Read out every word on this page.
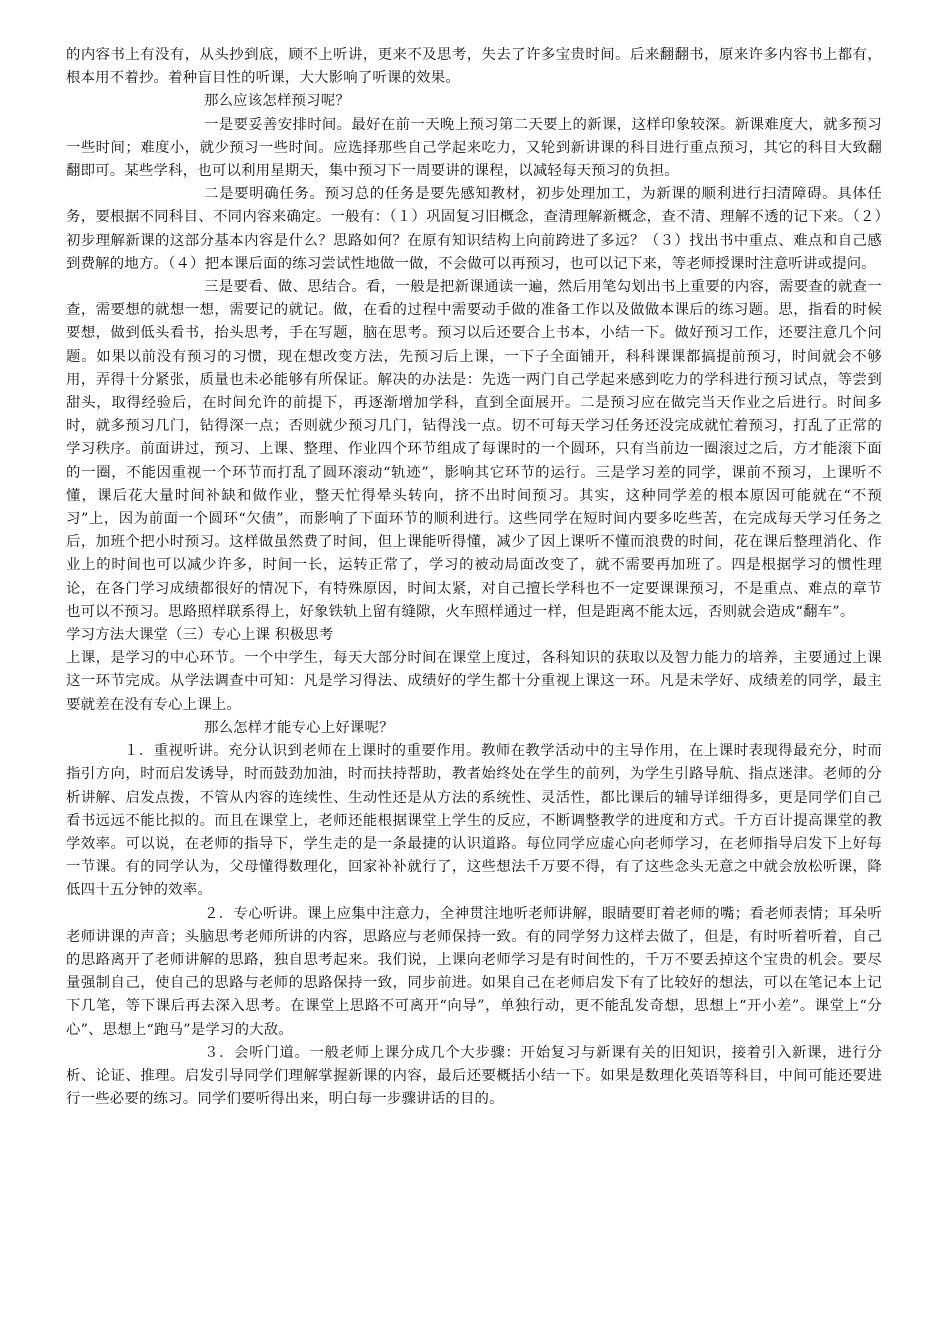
的内容书上有没有，从头抄到底，顾不上听讲，更来不及思考，失去了许多宝贵时间。后来翻翻书，原来许多内容书上都有，根本用不着抄。着种盲目性的听课，大大影响了听课的效果。

那么应该怎样预习呢？

一是要妥善安排时间。最好在前一天晚上预习第二天要上的新课，这样印象较深。新课难度大，就多预习一些时间；难度小，就少预习一些时间。应选择那些自己学起来吃力，又轮到新讲课的科目进行重点预习，其它的科目大致翻翻即可。某些学科，也可以利用星期天，集中预习下一周要讲的课程，以减轻每天预习的负担。

二是要明确任务。预习总的任务是要先感知教材，初步处理加工，为新课的顺利进行扫清障碍。具体任务，要根据不同科目、不同内容来确定。一般有：（１）巩固复习旧概念，查清理解新概念，查不清、理解不透的记下来。（２）初步理解新课的这部分基本内容是什么？思路如何？在原有知识结构上向前跨进了多远？（３）找出书中重点、难点和自己感到费解的地方。（４）把本课后面的练习尝试性地做一做，不会做可以再预习，也可以记下来，等老师授课时注意听讲或提问。

三是要看、做、思结合。看，一般是把新课通读一遍，然后用笔勾划出书上重要的内容，需要查的就查一查，需要想的就想一想，需要记的就记。做，在看的过程中需要动手做的准备工作以及做做本课后的练习题。思，指看的时候要想，做到低头看书，抬头思考，手在写题，脑在思考。预习以后还要合上书本，小结一下。做好预习工作，还要注意几个问题。如果以前没有预习的习惯，现在想改变方法，先预习后上课，一下子全面铺开，科科课课都搞提前预习，时间就会不够用，弄得十分紧张，质量也未必能够有所保证。解决的办法是：先选一两门自己学起来感到吃力的学科进行预习试点，等尝到甜头，取得经验后，在时间允许的前提下，再逐渐增加学科，直到全面展开。二是预习应在做完当天作业之后进行。时间多时，就多预习几门，钻得深一点；否则就少预习几门，钻得浅一点。切不可每天学习任务还没完成就忙着预习，打乱了正常的学习秩序。前面讲过，预习、上课、整理、作业四个环节组成了每课时的一个圆环，只有当前边一圈滚过之后，方才能滚下面的一圈，不能因重视一个环节而打乱了圆环滚动“轨迹”，影响其它环节的运行。三是学习差的同学，课前不预习，上课听不懂，课后花大量时间补缺和做作业，整天忙得晕头转向，挤不出时间预习。其实，这种同学差的根本原因可能就在“不预习”上，因为前面一个圆环“欠债”，而影响了下面环节的顺利进行。这些同学在短时间内要多吃些苦，在完成每天学习任务之后，加班个把小时预习。这样做虽然费了时间，但上课能听得懂，减少了因上课听不懂而浪费的时间，花在课后整理消化、作业上的时间也可以减少许多，时间一长，运转正常了，学习的被动局面改变了，就不需要再加班了。四是根据学习的惯性理论，在各门学习成绩都很好的情况下，有特殊原因，时间太紧，对自己擅长学科也不一定要课课预习，不是重点、难点的章节也可以不预习。思路照样联系得上，好象铁轨上留有缝隙，火车照样通过一样，但是距离不能太远，否则就会造成“翻车”。

学习方法大课堂（三）专心上课 积极思考

上课，是学习的中心环节。一个中学生，每天大部分时间在课堂上度过，各科知识的获取以及智力能力的培养，主要通过上课这一环节完成。从学法调查中可知：凡是学习得法、成绩好的学生都十分重视上课这一环。凡是未学好、成绩差的同学，最主要就差在没有专心上课上。

那么怎样才能专心上好课呢？

１．重视听讲。充分认识到老师在上课时的重要作用。教师在教学活动中的主导作用，在上课时表现得最充分，时而指引方向，时而启发诱导，时而鼓劲加油，时而扶持帮助，教者始终处在学生的前列，为学生引路导航、指点迷津。老师的分析讲解、启发点拨，不管从内容的连续性、生动性还是从方法的系统性、灵活性，都比课后的辅导详细得多，更是同学们自己看书远远不能比拟的。而且在课堂上，老师还能根据课堂上学生的反应，不断调整教学的进度和方式。千方百计提高课堂的教学效率。可以说，在老师的指导下，学生走的是一条最捷的认识道路。每位同学应虚心向老师学习，在老师指导启发下上好每一节课。有的同学认为，父母懂得数理化，回家补补就行了，这些想法千万要不得，有了这些念头无意之中就会放松听课，降低四十五分钟的效率。

２．专心听讲。课上应集中注意力，全神贯注地听老师讲解，眼睛要盯着老师的嘴；看老师表情；耳朵听老师讲课的声音；头脑思考老师所讲的内容，思路应与老师保持一致。有的同学努力这样去做了，但是，有时听着听着，自己的思路离开了老师讲解的思路，独自思考起来。我们说，上课向老师学习是有时间性的，千万不要丢掉这个宝贵的机会。要尽量强制自己，使自己的思路与老师的思路保持一致，同步前进。如果自己在老师启发下有了比较好的想法，可以在笔记本上记下几笔，等下课后再去深入思考。在课堂上思路不可离开“向导”，单独行动，更不能乱发奇想，思想上“开小差”。课堂上“分心”、思想上“跑马”是学习的大敌。

３．会听门道。一般老师上课分成几个大步骤：开始复习与新课有关的旧知识，接着引入新课，进行分析、论证、推理。启发引导同学们理解掌握新课的内容，最后还要概括小结一下。如果是数理化英语等科目，中间可能还要进行一些必要的练习。同学们要听得出来，明白每一步骤讲话的目的。
